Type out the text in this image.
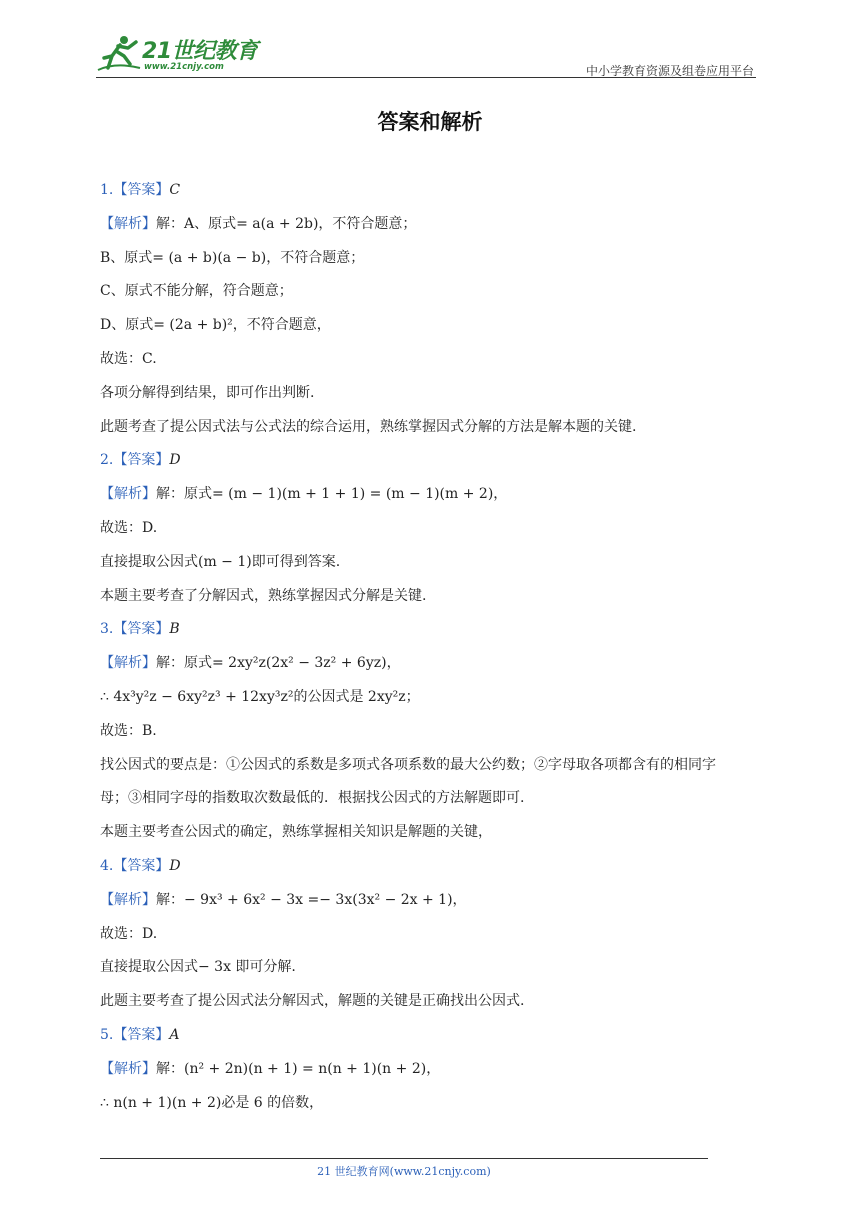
21世纪教育
www.21cnjy.com	中小学教育资源及组卷应用平台
答案和解析
1.【答案】C
【解析】解：A、原式= a(a + 2b)，不符合题意；
B、原式= (a + b)(a − b)，不符合题意；
C、原式不能分解，符合题意；
D、原式= (2a + b)²，不符合题意，
故选：C.
各项分解得到结果，即可作出判断.
此题考查了提公因式法与公式法的综合运用，熟练掌握因式分解的方法是解本题的关键.
2.【答案】D
【解析】解：原式= (m − 1)(m + 1 + 1) = (m − 1)(m + 2)，
故选：D.
直接提取公因式(m − 1)即可得到答案.
本题主要考查了分解因式，熟练掌握因式分解是关键.
3.【答案】B
【解析】解：原式= 2xy²z(2x² − 3z² + 6yz)，
∴ 4x³y²z − 6xy²z³ + 12xy³z²的公因式是 2xy²z；
故选：B.
找公因式的要点是：①公因式的系数是多项式各项系数的最大公约数；②字母取各项都含有的相同字
母；③相同字母的指数取次数最低的．根据找公因式的方法解题即可.
本题主要考查公因式的确定，熟练掌握相关知识是解题的关键，
4.【答案】D
【解析】解：− 9x³ + 6x² − 3x =− 3x(3x² − 2x + 1)，
故选：D.
直接提取公因式− 3x 即可分解.
此题主要考查了提公因式法分解因式，解题的关键是正确找出公因式.
5.【答案】A
【解析】解：(n² + 2n)(n + 1) = n(n + 1)(n + 2)，
∴ n(n + 1)(n + 2)必是 6 的倍数，
21 世纪教育网(www.21cnjy.com)
